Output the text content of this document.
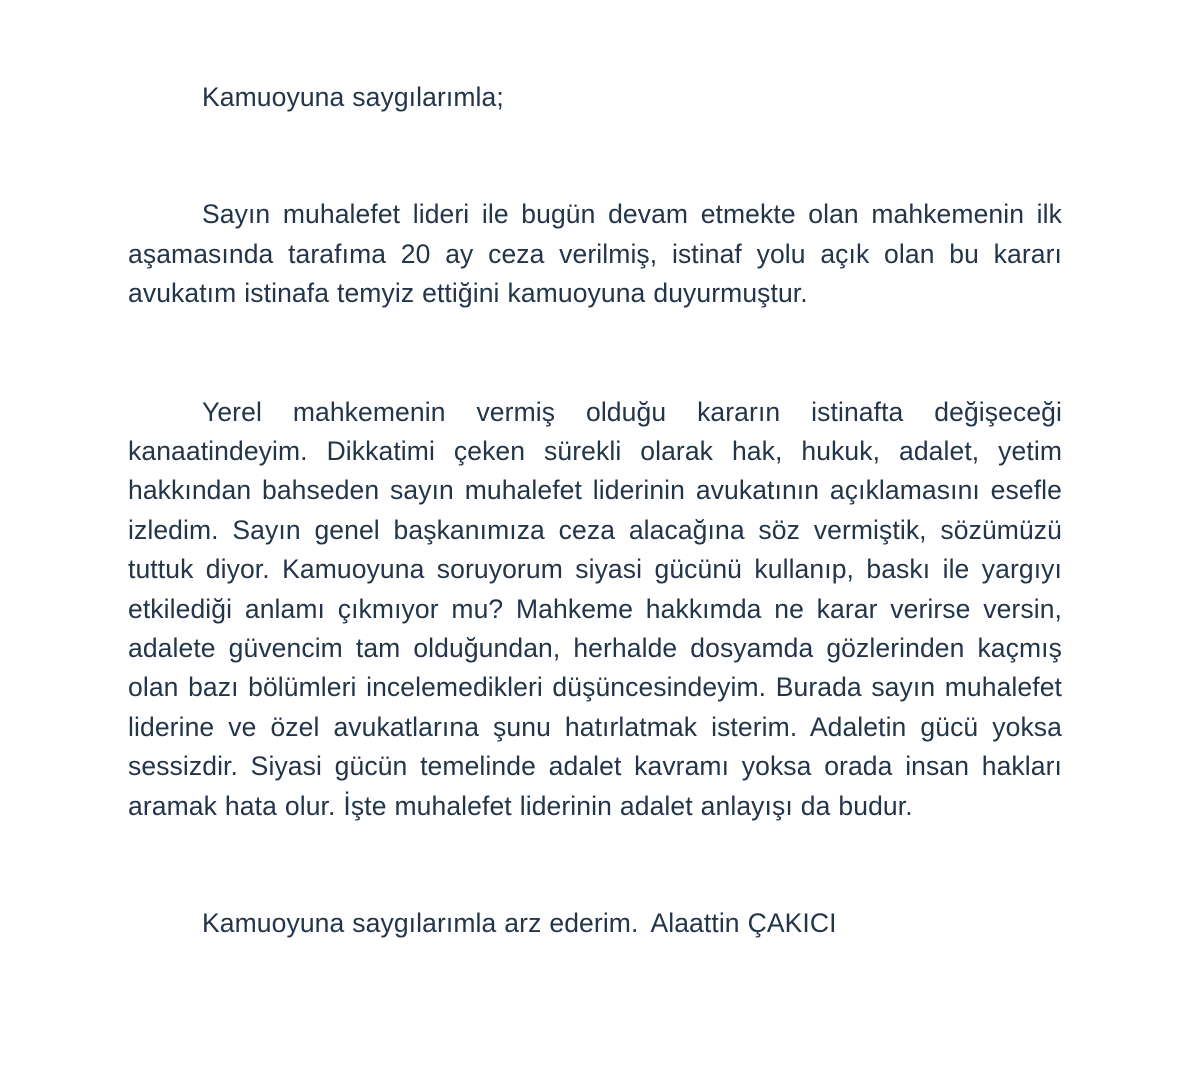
Kamuoyuna saygılarımla;

Sayın muhalefet lideri ile bugün devam etmekte olan mahkemenin ilk aşamasında tarafıma 20 ay ceza verilmiş, istinaf yolu açık olan bu kararı avukatım istinafa temyiz ettiğini kamuoyuna duyurmuştur.

Yerel mahkemenin vermiş olduğu kararın istinafta değişeceği kanaatindeyim. Dikkatimi çeken sürekli olarak hak, hukuk, adalet, yetim hakkından bahseden sayın muhalefet liderinin avukatının açıklamasını esefle izledim. Sayın genel başkanımıza ceza alacağına söz vermiştik, sözümüzü tuttuk diyor. Kamuoyuna soruyorum siyasi gücünü kullanıp, baskı ile yargıyı etkilediği anlamı çıkmıyor mu? Mahkeme hakkımda ne karar verirse versin, adalete güvencim tam olduğundan, herhalde dosyamda gözlerinden kaçmış olan bazı bölümleri incelemedikleri düşüncesindeyim. Burada sayın muhalefet liderine ve özel avukatlarına şunu hatırlatmak isterim. Adaletin gücü yoksa sessizdir. Siyasi gücün temelinde adalet kavramı yoksa orada insan hakları aramak hata olur. İşte muhalefet liderinin adalet anlayışı da budur.

Kamuoyuna saygılarımla arz ederim. Alaattin ÇAKICI
